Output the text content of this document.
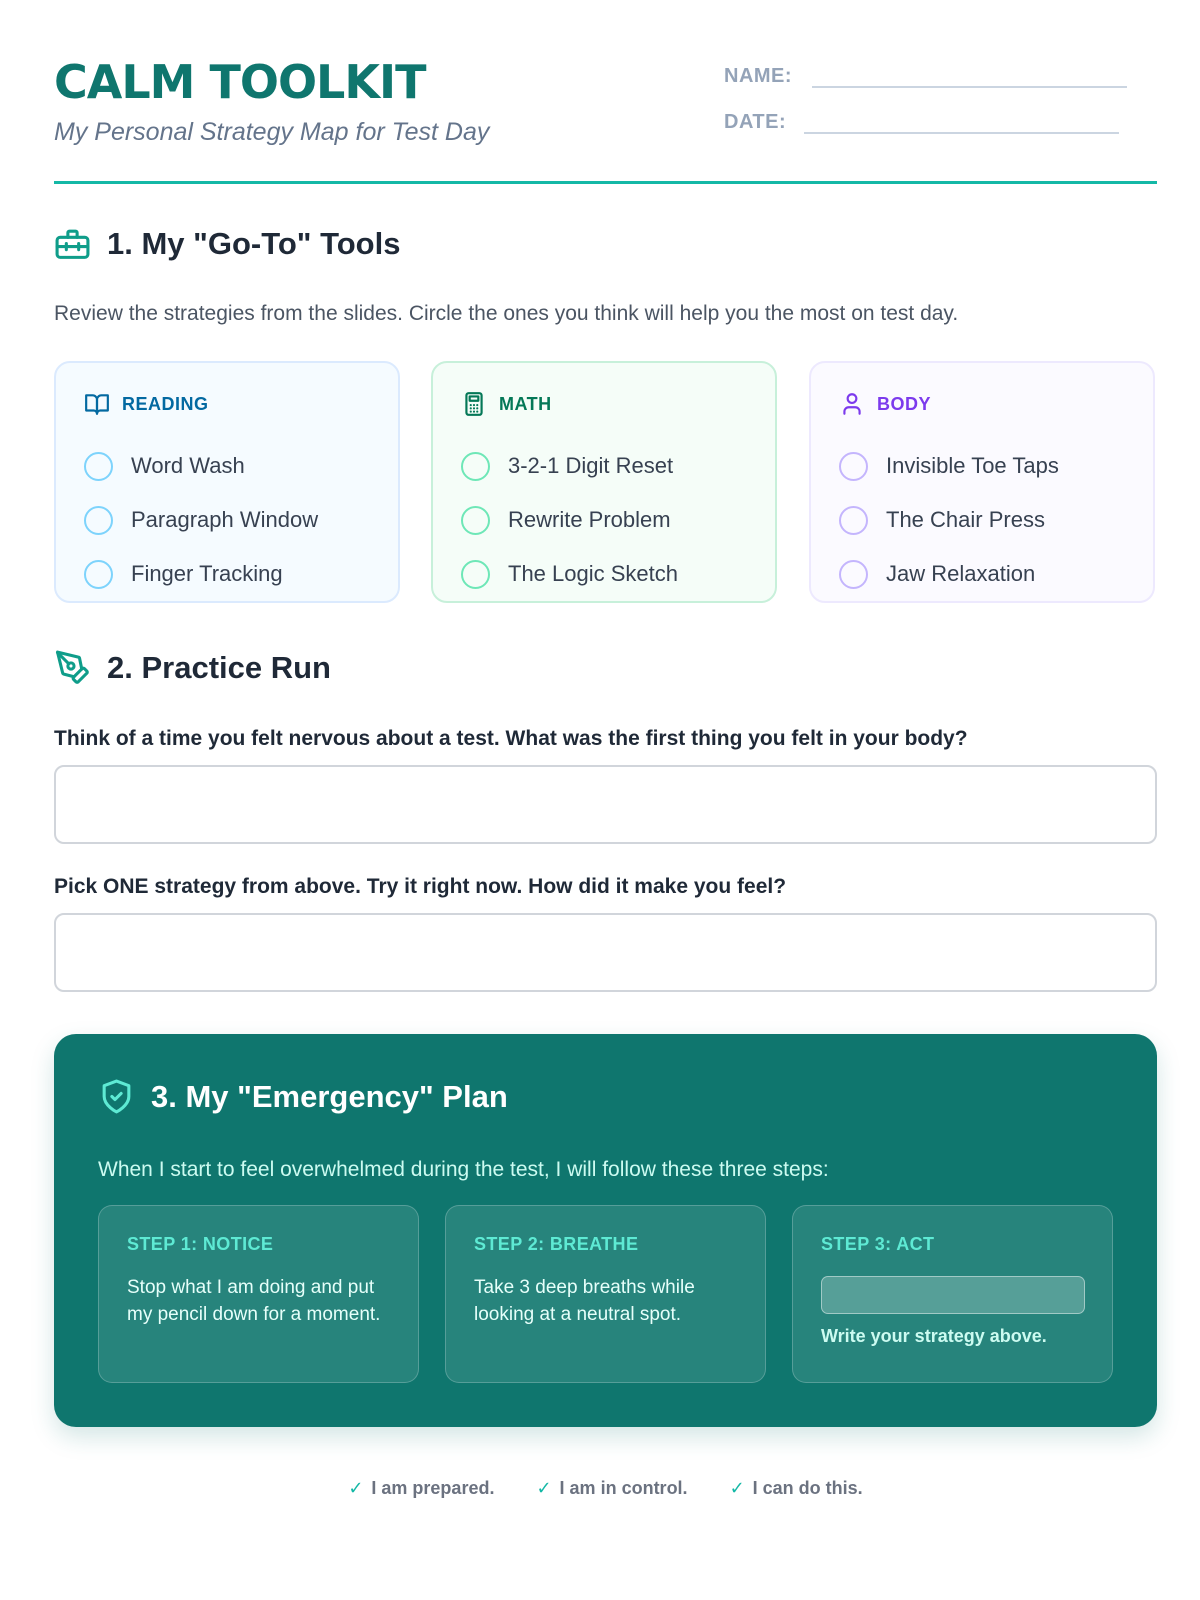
CALM TOOLKIT
My Personal Strategy Map for Test Day
NAME:
DATE:
1. My "Go-To" Tools
Review the strategies from the slides. Circle the ones you think will help you the most on test day.
READING
Word Wash
Paragraph Window
Finger Tracking
MATH
3-2-1 Digit Reset
Rewrite Problem
The Logic Sketch
BODY
Invisible Toe Taps
The Chair Press
Jaw Relaxation
2. Practice Run
Think of a time you felt nervous about a test. What was the first thing you felt in your body?
Pick ONE strategy from above. Try it right now. How did it make you feel?
3. My "Emergency" Plan
When I start to feel overwhelmed during the test, I will follow these three steps:
STEP 1: NOTICE
Stop what I am doing and put my pencil down for a moment.
STEP 2: BREATHE
Take 3 deep breaths while looking at a neutral spot.
STEP 3: ACT
Write your strategy above.
✓ I am prepared. ✓ I am in control. ✓ I can do this.
